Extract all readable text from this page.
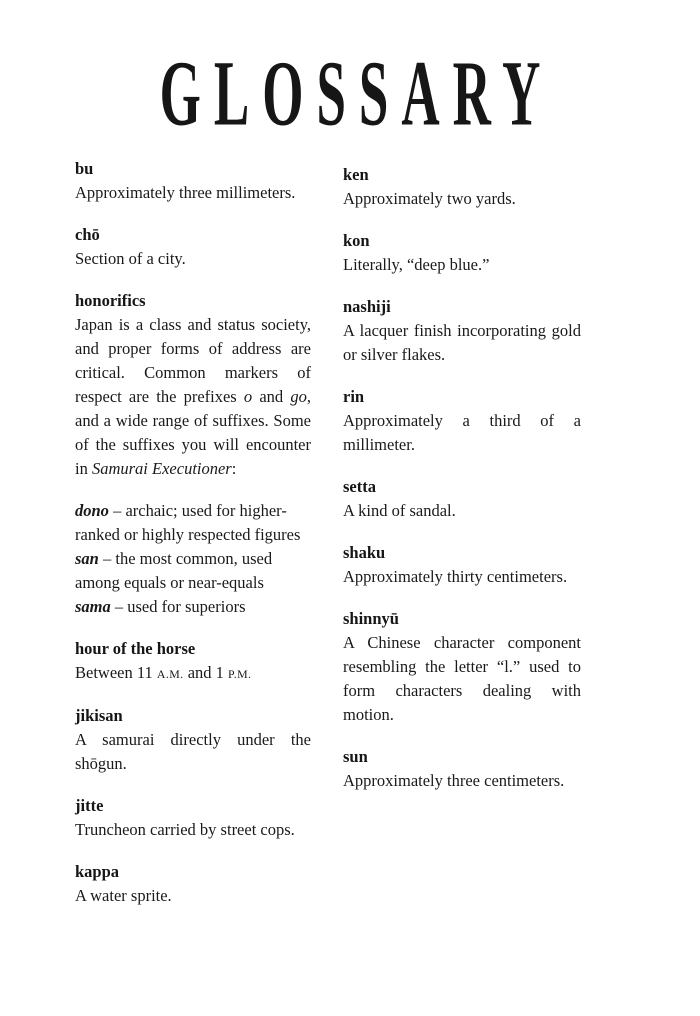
GLOSSARY
bu

Approximately three millimeters.

chō

Section of a city.

honorifics

Japan is a class and status society, and proper forms of address are critical. Common markers of respect are the prefixes o and go, and a wide range of suffixes. Some of the suffixes you will encounter in Samurai Executioner:

dono – archaic; used for higher-ranked or highly respected figures

san – the most common, used among equals or near-equals

sama – used for superiors

hour of the horse

Between 11 A.M. and 1 P.M.

jikisan

A samurai directly under the shōgun.

jitte

Truncheon carried by street cops.

kappa

A water sprite.

ken

Approximately two yards.

kon

Literally, “deep blue.”

nashiji

A lacquer finish incorporating gold or silver flakes.

rin

Approximately a third of a millimeter.

setta

A kind of sandal.

shaku

Approximately thirty centimeters.

shinnyū

A Chinese character component resembling the letter “l.” used to form characters dealing with motion.

sun

Approximately three centimeters.
